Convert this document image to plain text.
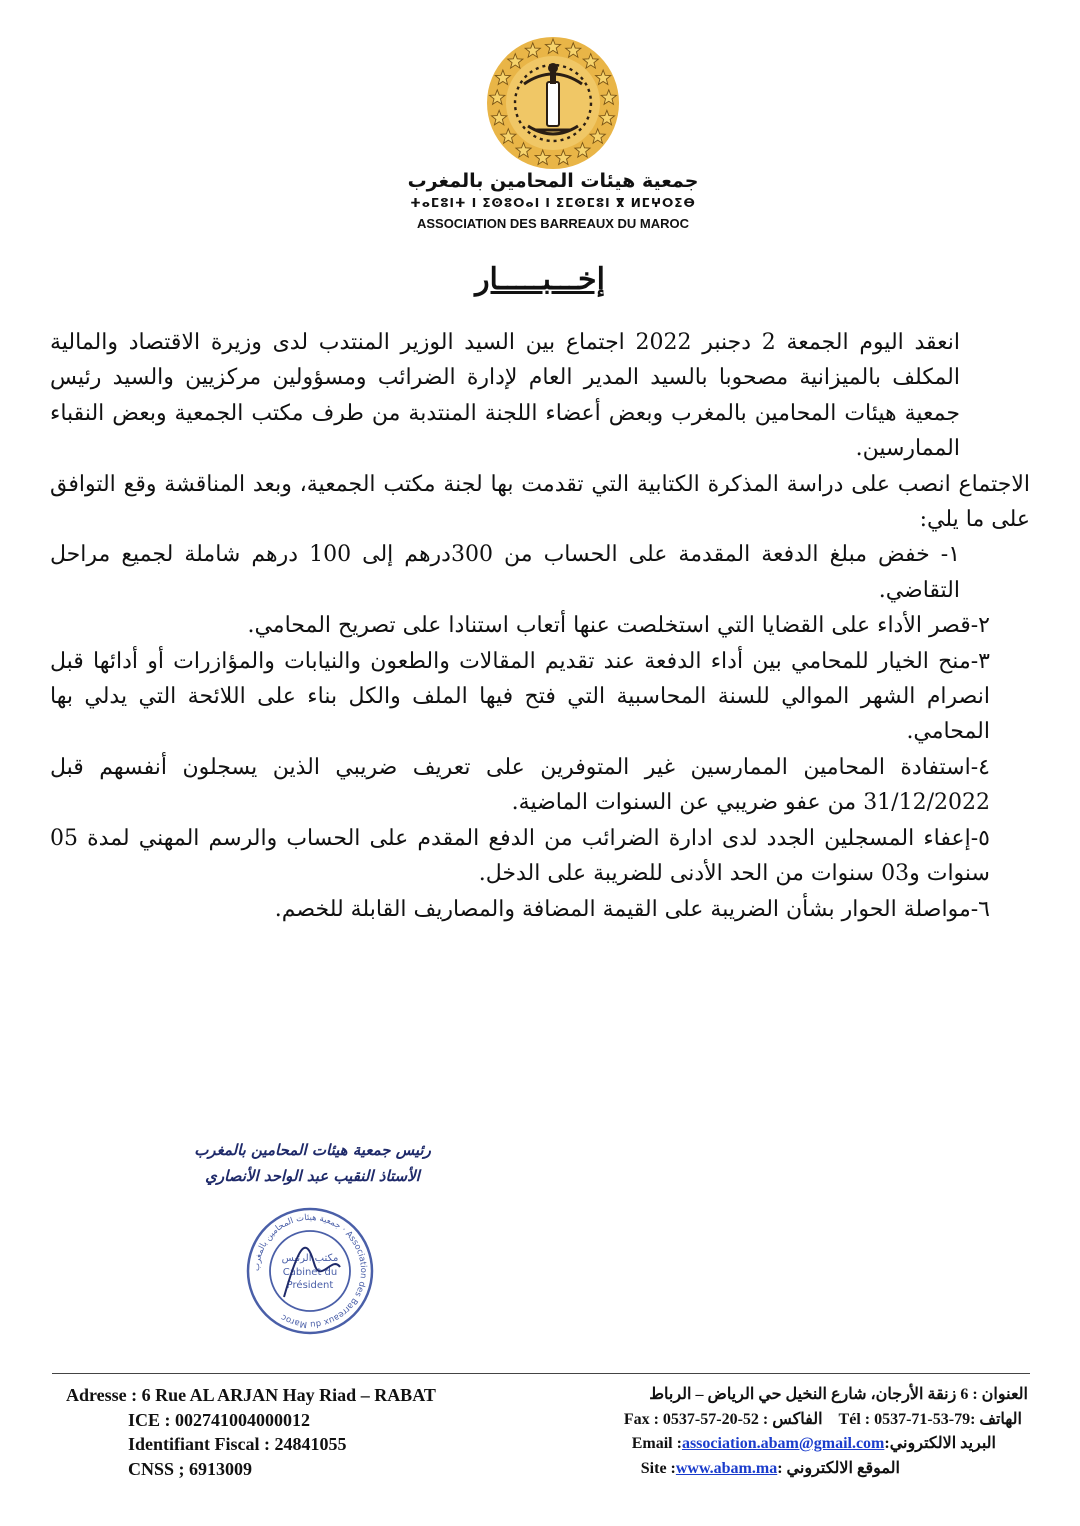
جمعية هيئات المحامين بالمغرب
ⵜⴰⵎⵓⵏⵜ ⵏ ⵉⵙⵓⵔⴰⵏ ⵏ ⵉⵎⵙⵎⵓⵏ ⴳ ⵍⵎⵖⵔⵉⴱ
ASSOCIATION DES BARREAUX DU MAROC
إخـــبـــــار

انعقد اليوم الجمعة 2 دجنبر 2022 اجتماع بين السيد الوزير المنتدب لدى وزيرة الاقتصاد والمالية المكلف بالميزانية مصحوبا بالسيد المدير العام لإدارة الضرائب ومسؤولين مركزيين والسيد رئيس جمعية هيئات المحامين بالمغرب وبعض أعضاء اللجنة المنتدبة من طرف مكتب الجمعية وبعض النقباء الممارسين.

الاجتماع انصب على دراسة المذكرة الكتابية التي تقدمت بها لجنة مكتب الجمعية، وبعد المناقشة وقع التوافق على ما يلي:

١- خفض مبلغ الدفعة المقدمة على الحساب من 300درهم إلى 100 درهم شاملة لجميع مراحل التقاضي.

٢-قصر الأداء على القضايا التي استخلصت عنها أتعاب استنادا على تصريح المحامي.

٣-منح الخيار للمحامي بين أداء الدفعة عند تقديم المقالات والطعون والنيابات والمؤازرات أو أدائها قبل انصرام الشهر الموالي للسنة المحاسبية التي فتح فيها الملف والكل بناء على اللائحة التي يدلي بها المحامي.

٤-استفادة المحامين الممارسين غير المتوفرين على تعريف ضريبي الذين يسجلون أنفسهم قبل 31/12/2022 من عفو ضريبي عن السنوات الماضية.

٥-إعفاء المسجلين الجدد لدى ادارة الضرائب من الدفع المقدم على الحساب والرسم المهني لمدة 05 سنوات و03 سنوات من الحد الأدنى للضريبة على الدخل.

٦-مواصلة الحوار بشأن الضريبة على القيمة المضافة والمصاريف القابلة للخصم.

رئيس جمعية هيئات المحامين بالمغرب
الأستاذ النقيب عبد الواحد الأنصاري
جمعية هيئات المحامين بالمغرب · Association des Barreaux du Maroc
مكتب الرئيس
Cabinet du
Président
Adresse : 6 Rue AL ARJAN Hay Riad – RABAT
ICE : 002741004000012
Identifiant Fiscal : 24841055
CNSS ; 6913009
العنوان : 6 زنقة الأرجان، شارع النخيل حي الرياض – الرباط
الهاتف :0537-71-53-79 : Tél    الفاكس : 0537-57-20-52 : Fax
البريد الالكتروني:association.abam@gmail.com: Email
الموقع الالكتروني :www.abam.ma: Site
